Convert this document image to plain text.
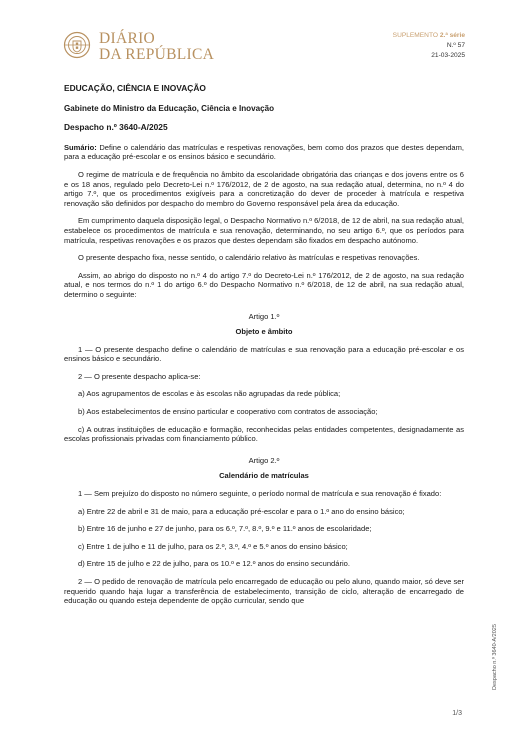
DIÁRIO
DA REPÚBLICA
SUPLEMENTO 2.ª série
N.º 57
21-03-2025
EDUCAÇÃO, CIÊNCIA E INOVAÇÃO
Gabinete do Ministro da Educação, Ciência e Inovação
Despacho n.º 3640-A/2025

Sumário: Define o calendário das matrículas e respetivas renovações, bem como dos prazos que destes dependam, para a educação pré-escolar e os ensinos básico e secundário.

O regime de matrícula e de frequência no âmbito da escolaridade obrigatória das crianças e dos jovens entre os 6 e os 18 anos, regulado pelo Decreto-Lei n.º 176/2012, de 2 de agosto, na sua redação atual, determina, no n.º 4 do artigo 7.º, que os procedimentos exigíveis para a concretização do dever de proceder à matrícula e respetiva renovação são definidos por despacho do membro do Governo responsável pela área da educação.

Em cumprimento daquela disposição legal, o Despacho Normativo n.º 6/2018, de 12 de abril, na sua redação atual, estabelece os procedimentos de matrícula e sua renovação, determinando, no seu artigo 6.º, que os períodos para matrícula, respetivas renovações e os prazos que destes dependam são fixados em despacho autónomo.

O presente despacho fixa, nesse sentido, o calendário relativo às matrículas e respetivas renovações.

Assim, ao abrigo do disposto no n.º 4 do artigo 7.º do Decreto-Lei n.º 176/2012, de 2 de agosto, na sua redação atual, e nos termos do n.º 1 do artigo 6.º do Despacho Normativo n.º 6/2018, de 12 de abril, na sua redação atual, determino o seguinte:

Artigo 1.º

Objeto e âmbito

1 — O presente despacho define o calendário de matrículas e sua renovação para a educação pré-escolar e os ensinos básico e secundário.

2 — O presente despacho aplica-se:

a) Aos agrupamentos de escolas e às escolas não agrupadas da rede pública;

b) Aos estabelecimentos de ensino particular e cooperativo com contratos de associação;

c) A outras instituições de educação e formação, reconhecidas pelas entidades competentes, designadamente as escolas profissionais privadas com financiamento público.

Artigo 2.º

Calendário de matrículas

1 — Sem prejuízo do disposto no número seguinte, o período normal de matrícula e sua renovação é fixado:

a) Entre 22 de abril e 31 de maio, para a educação pré-escolar e para o 1.º ano do ensino básico;

b) Entre 16 de junho e 27 de junho, para os 6.º, 7.º, 8.º, 9.º e 11.º anos de escolaridade;

c) Entre 1 de julho e 11 de julho, para os 2.º, 3.º, 4.º e 5.º anos do ensino básico;

d) Entre 15 de julho e 22 de julho, para os 10.º e 12.º anos do ensino secundário.

2 — O pedido de renovação de matrícula pelo encarregado de educação ou pelo aluno, quando maior, só deve ser requerido quando haja lugar a transferência de estabelecimento, transição de ciclo, alteração de encarregado de educação ou quando esteja dependente de opção curricular, sendo que

Despacho n.º 3640-A/2025
1/3
